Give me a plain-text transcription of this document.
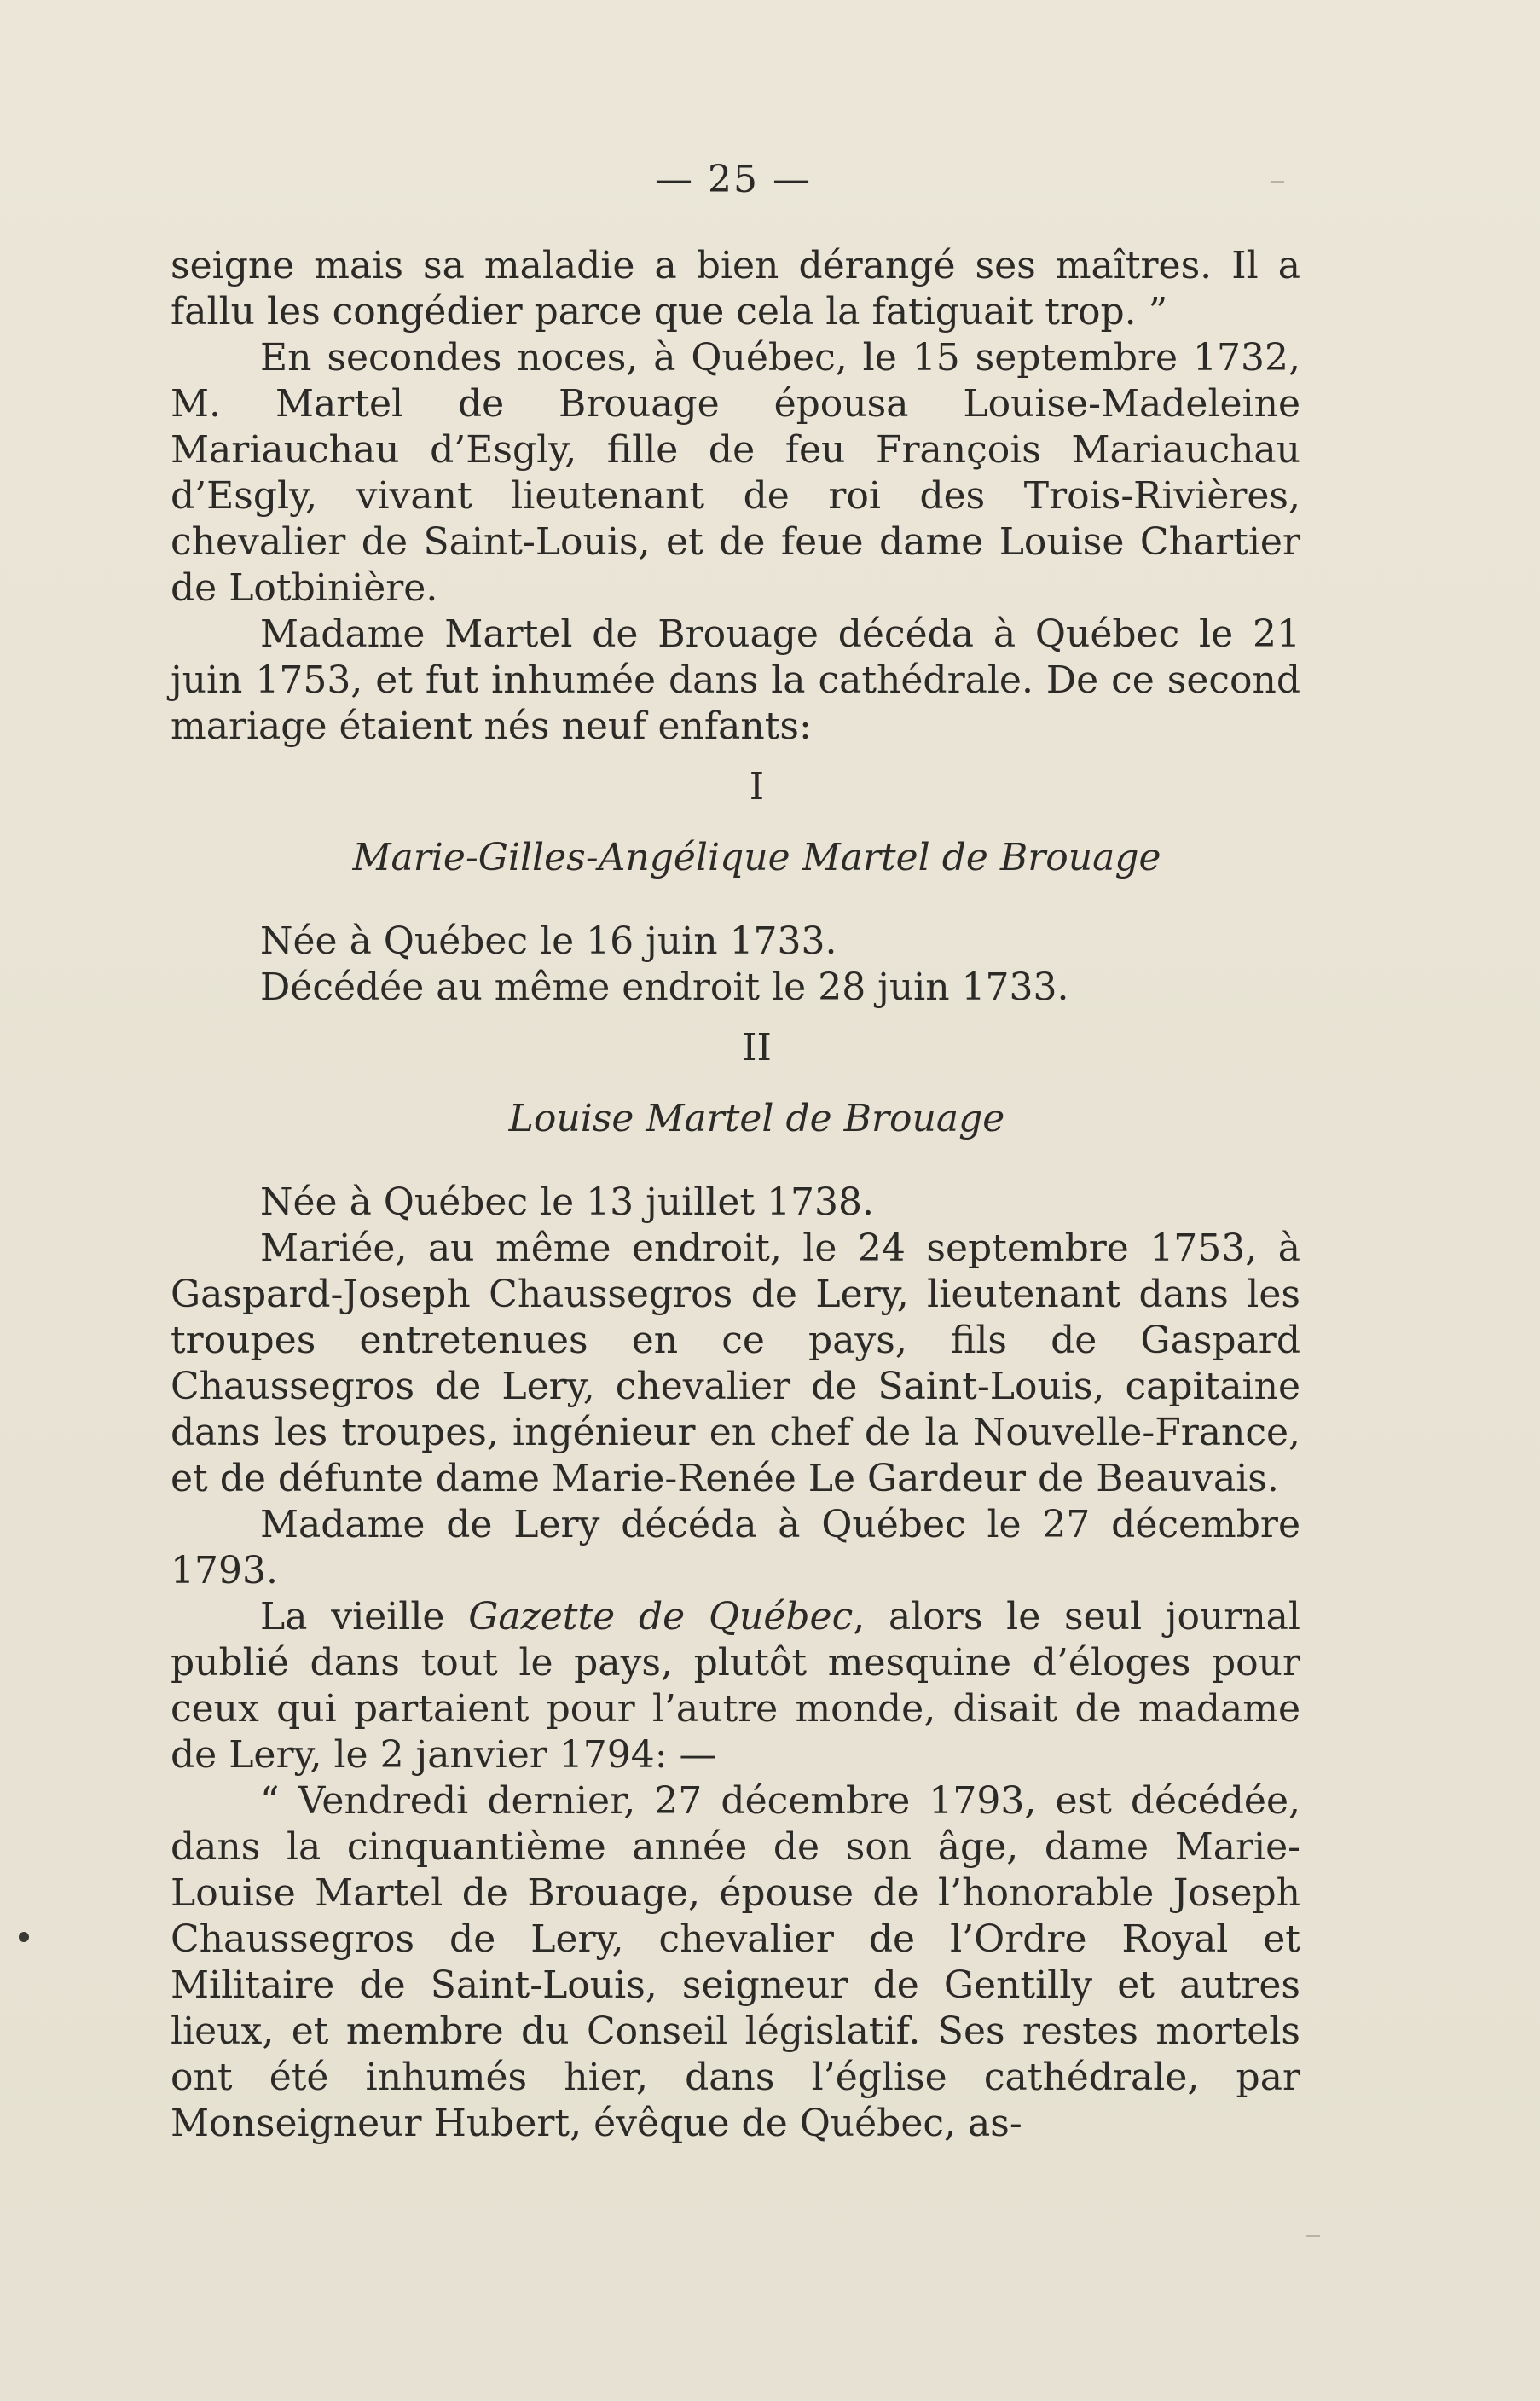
— 25 —

seigne mais sa maladie a bien dérangé ses maîtres. Il a fallu les congédier parce que cela la fatiguait trop. ”

En secondes noces, à Québec, le 15 septembre 1732, M. Martel de Brouage épousa Louise-Madeleine Mariauchau d’Esgly, fille de feu François Mariauchau d’Esgly, vivant lieutenant de roi des Trois-Rivières, chevalier de Saint-Louis, et de feue dame Louise Chartier de Lotbinière.

Madame Martel de Brouage décéda à Québec le 21 juin 1753, et fut inhumée dans la cathédrale. De ce second mariage étaient nés neuf enfants:

I

Marie-Gilles-Angélique Martel de Brouage

Née à Québec le 16 juin 1733.

Décédée au même endroit le 28 juin 1733.

II

Louise Martel de Brouage

Née à Québec le 13 juillet 1738.

Mariée, au même endroit, le 24 septembre 1753, à Gaspard-Joseph Chaussegros de Lery, lieutenant dans les troupes entretenues en ce pays, fils de Gaspard Chaussegros de Lery, chevalier de Saint-Louis, capitaine dans les troupes, ingénieur en chef de la Nouvelle-France, et de défunte dame Marie-Renée Le Gardeur de Beauvais.

Madame de Lery décéda à Québec le 27 décembre 1793.

La vieille Gazette de Québec, alors le seul journal publié dans tout le pays, plutôt mesquine d’éloges pour ceux qui partaient pour l’autre monde, disait de madame de Lery, le 2 janvier 1794: —

“ Vendredi dernier, 27 décembre 1793, est décédée, dans la cinquantième année de son âge, dame Marie-Louise Martel de Brouage, épouse de l’honorable Joseph Chaussegros de Lery, chevalier de l’Ordre Royal et Militaire de Saint-Louis, seigneur de Gentilly et autres lieux, et membre du Conseil législatif. Ses restes mortels ont été inhumés hier, dans l’église cathédrale, par Monseigneur Hubert, évêque de Québec, as-
